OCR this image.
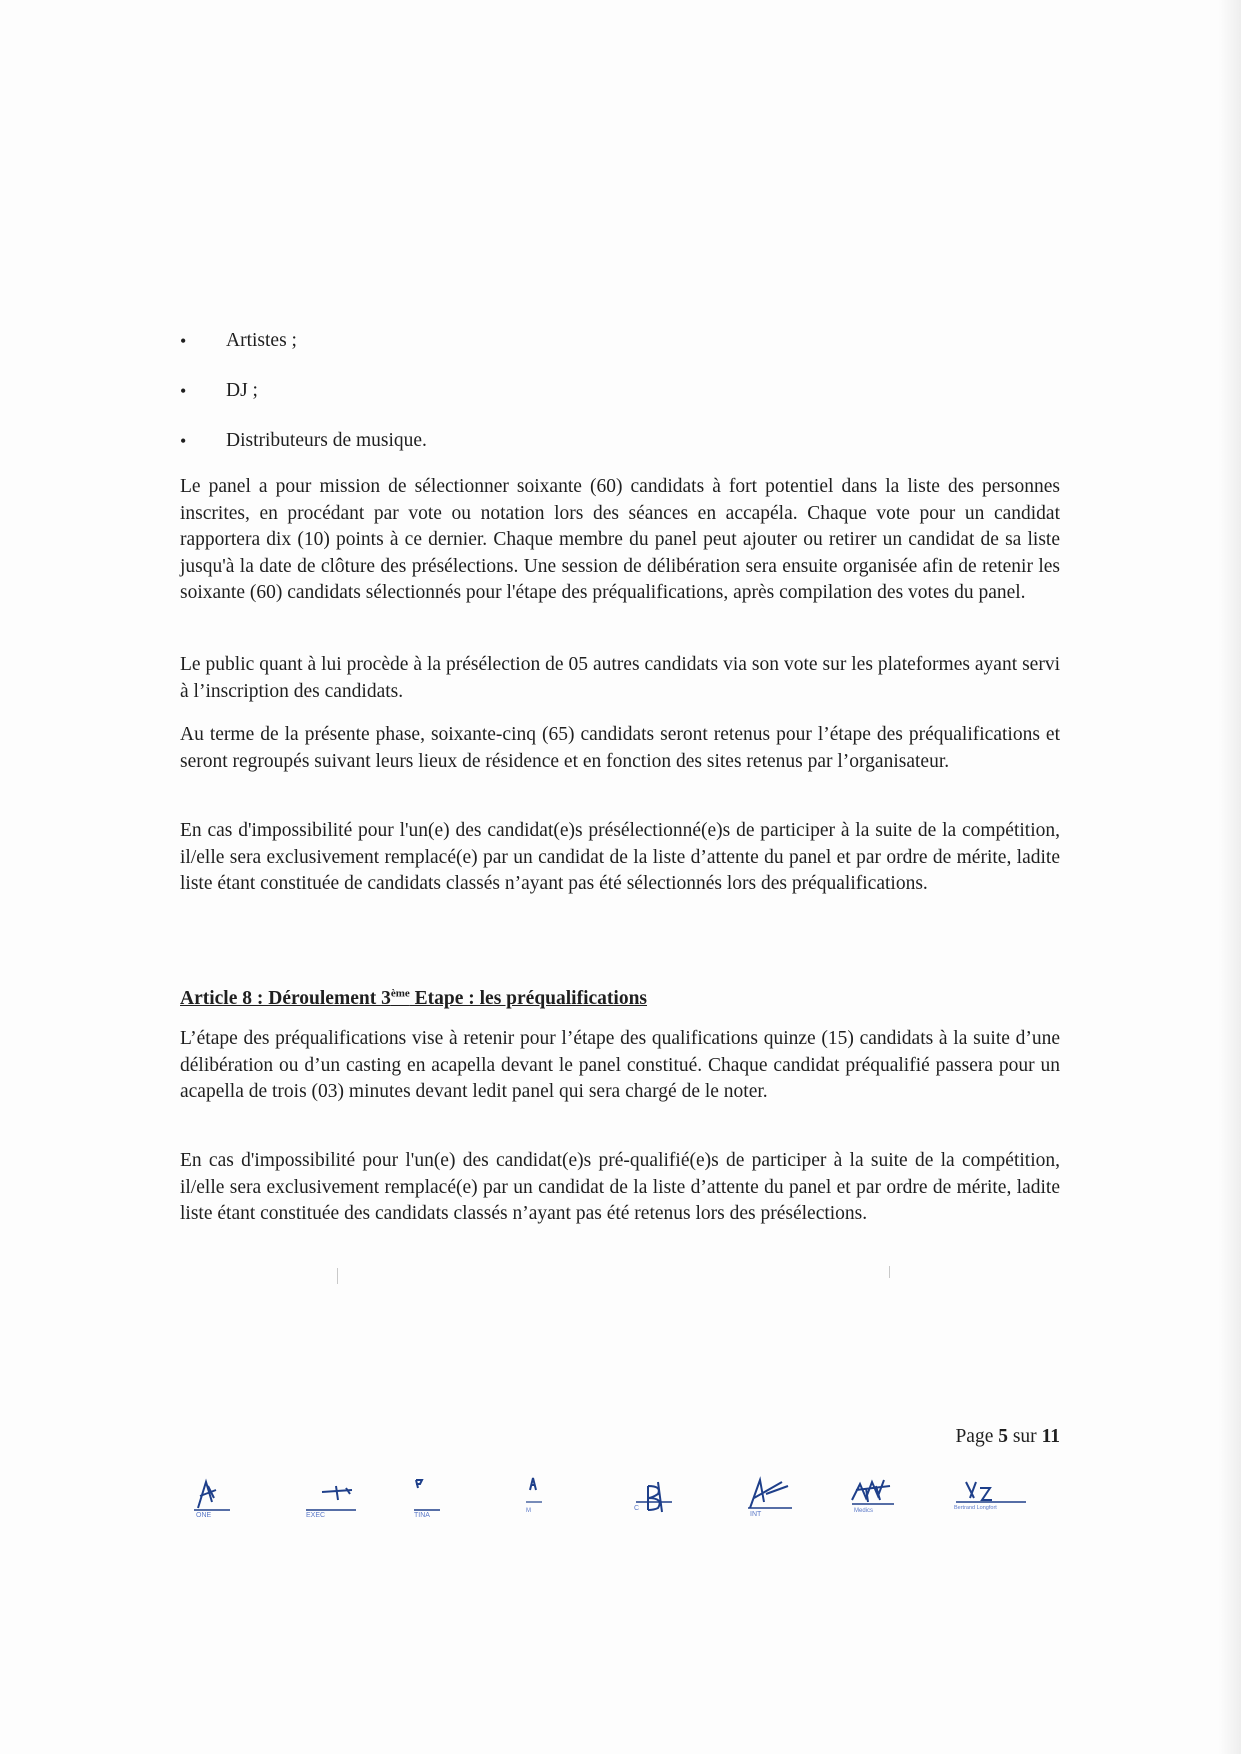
• Artistes ;
• DJ ;
• Distributeurs de musique.

Le panel a pour mission de sélectionner soixante (60) candidats à fort potentiel dans la liste des personnes inscrites, en procédant par vote ou notation lors des séances en accapéla. Chaque vote pour un candidat rapportera dix (10) points à ce dernier. Chaque membre du panel peut ajouter ou retirer un candidat de sa liste jusqu'à la date de clôture des présélections. Une session de délibération sera ensuite organisée afin de retenir les soixante (60) candidats sélectionnés pour l'étape des préqualifications, après compilation des votes du panel.

Le public quant à lui procède à la présélection de 05 autres candidats via son vote sur les plateformes ayant servi à l’inscription des candidats.

Au terme de la présente phase, soixante-cinq (65) candidats seront retenus pour l’étape des préqualifications et seront regroupés suivant leurs lieux de résidence et en fonction des sites retenus par l’organisateur.

En cas d'impossibilité pour l'un(e) des candidat(e)s présélectionné(e)s de participer à la suite de la compétition, il/elle sera exclusivement remplacé(e) par un candidat de la liste d’attente du panel et par ordre de mérite, ladite liste étant constituée de candidats classés n’ayant pas été sélectionnés lors des préqualifications.

Article 8 : Déroulement 3ème Etape : les préqualifications

L’étape des préqualifications vise à retenir pour l’étape des qualifications quinze (15) candidats à la suite d’une délibération ou d’un casting en acapella devant le panel constitué. Chaque candidat préqualifié passera pour un acapella de trois (03) minutes devant ledit panel qui sera chargé de le noter.

En cas d'impossibilité pour l'un(e) des candidat(e)s pré-qualifié(e)s de participer à la suite de la compétition, il/elle sera exclusivement remplacé(e) par un candidat de la liste d’attente du panel et par ordre de mérite, ladite liste étant constituée des candidats classés n’ayant pas été retenus lors des présélections.

Page 5 sur 11
ONE	EXEC	TINA
M	C
INT	Medics	Bertrand Longfort
